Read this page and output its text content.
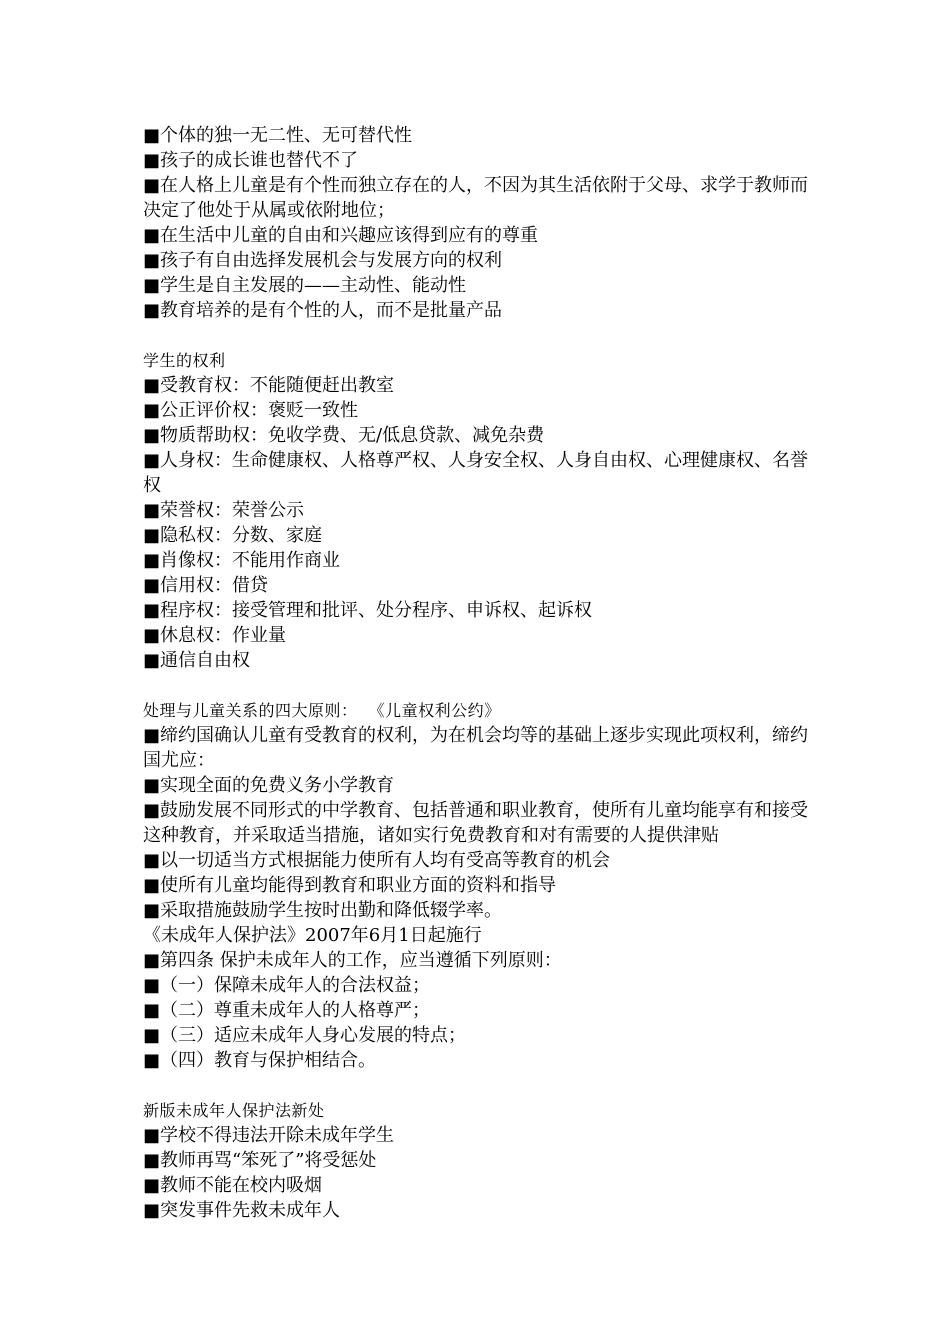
■个体的独一无二性、无可替代性
■孩子的成长谁也替代不了
■在人格上儿童是有个性而独立存在的人，不因为其生活依附于父母、求学于教师而决定了他处于从属或依附地位；
■在生活中儿童的自由和兴趣应该得到应有的尊重
■孩子有自由选择发展机会与发展方向的权利
■学生是自主发展的——主动性、能动性
■教育培养的是有个性的人，而不是批量产品
学生的权利
■受教育权：不能随便赶出教室
■公正评价权：褒贬一致性
■物质帮助权：免收学费、无/低息贷款、减免杂费
■人身权：生命健康权、人格尊严权、人身安全权、人身自由权、心理健康权、名誉权
■荣誉权：荣誉公示
■隐私权：分数、家庭
■肖像权：不能用作商业
■信用权：借贷
■程序权：接受管理和批评、处分程序、申诉权、起诉权
■休息权：作业量
■通信自由权
处理与儿童关系的四大原则：  《儿童权利公约》
■缔约国确认儿童有受教育的权利，为在机会均等的基础上逐步实现此项权利，缔约国尤应：
■实现全面的免费义务小学教育
■鼓励发展不同形式的中学教育、包括普通和职业教育，使所有儿童均能享有和接受这种教育，并采取适当措施，诸如实行免费教育和对有需要的人提供津贴
■以一切适当方式根据能力使所有人均有受高等教育的机会
■使所有儿童均能得到教育和职业方面的资料和指导
■采取措施鼓励学生按时出勤和降低辍学率。
《未成年人保护法》2007年6月1日起施行
■第四条 保护未成年人的工作，应当遵循下列原则：
■（一）保障未成年人的合法权益；
■（二）尊重未成年人的人格尊严；
■（三）适应未成年人身心发展的特点；
■（四）教育与保护相结合。
新版未成年人保护法新处
■学校不得违法开除未成年学生
■教师再骂“笨死了”将受惩处
■教师不能在校内吸烟
■突发事件先救未成年人
